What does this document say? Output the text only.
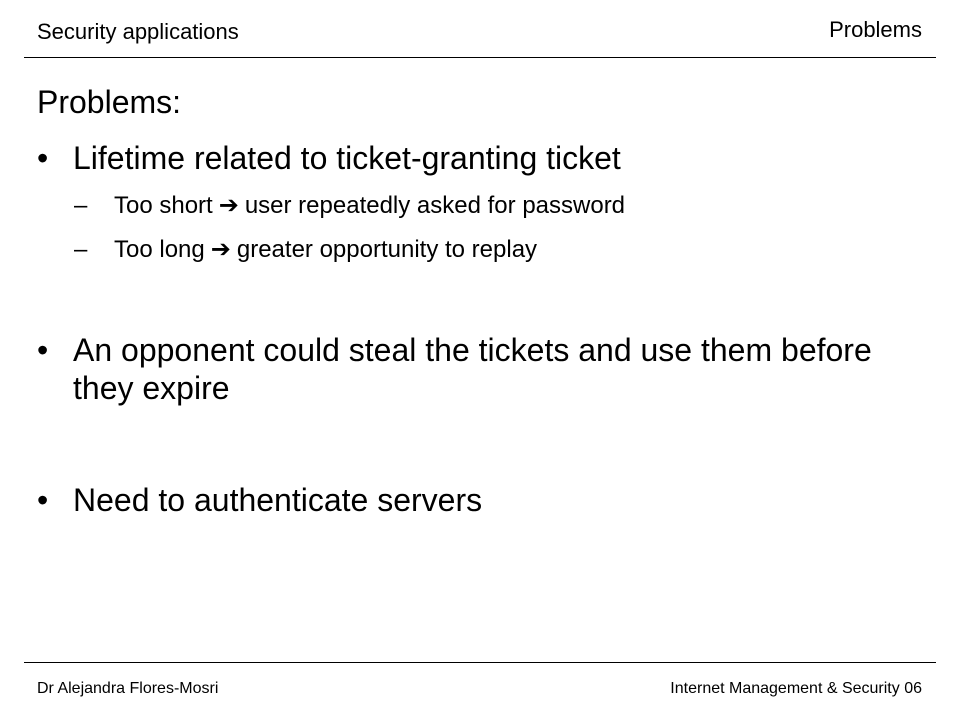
Security applications	Problems
Problems:
• Lifetime related to ticket-granting ticket
– Too short ➔ user repeatedly asked for password
– Too long ➔ greater opportunity to replay
• An opponent could steal the tickets and use them before they expire
• Need to authenticate servers
Dr Alejandra Flores-Mosri	Internet Management & Security 06
